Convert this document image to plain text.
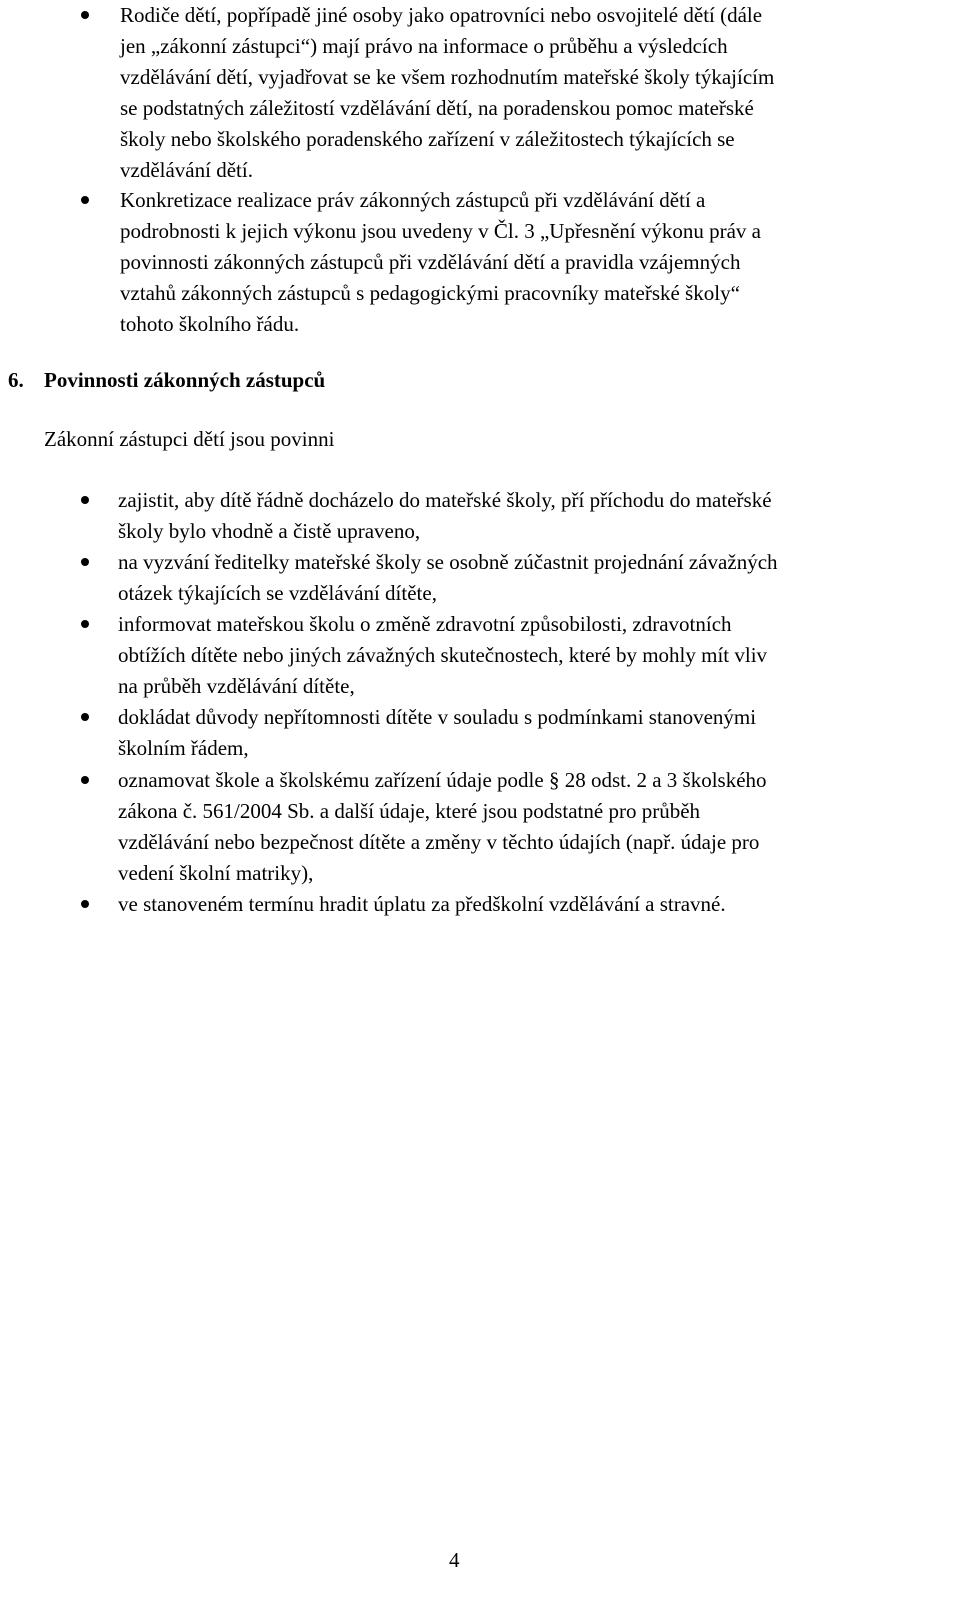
Rodiče dětí, popřípadě jiné osoby jako opatrovníci nebo osvojitelé dětí (dále
jen „zákonní zástupci“) mají právo na informace o průběhu a výsledcích
vzdělávání dětí, vyjadřovat se ke všem rozhodnutím mateřské školy týkajícím
se podstatných záležitostí vzdělávání dětí, na poradenskou pomoc mateřské
školy nebo školského poradenského zařízení v záležitostech týkajících se
vzdělávání dětí.

Konkretizace realizace práv zákonných zástupců při vzdělávání dětí a
podrobnosti k jejich výkonu jsou uvedeny v Čl. 3 „Upřesnění výkonu práv a
povinnosti zákonných zástupců při vzdělávání dětí a pravidla vzájemných
vztahů zákonných zástupců s pedagogickými pracovníky mateřské školy“
tohoto školního řádu.

6. Povinnosti zákonných zástupců

Zákonní zástupci dětí jsou povinni

zajistit, aby dítě řádně docházelo do mateřské školy, pří příchodu do mateřské
školy bylo vhodně a čistě upraveno,

na vyzvání ředitelky mateřské školy se osobně zúčastnit projednání závažných
otázek týkajících se vzdělávání dítěte,

informovat mateřskou školu o změně zdravotní způsobilosti, zdravotních
obtížích dítěte nebo jiných závažných skutečnostech, které by mohly mít vliv
na průběh vzdělávání dítěte,

dokládat důvody nepřítomnosti dítěte v souladu s podmínkami stanovenými
školním řádem,

oznamovat škole a školskému zařízení údaje podle § 28 odst. 2 a 3 školského
zákona č. 561/2004 Sb. a další údaje, které jsou podstatné pro průběh
vzdělávání nebo bezpečnost dítěte a změny v těchto údajích (např. údaje pro
vedení školní matriky),

ve stanoveném termínu hradit úplatu za předškolní vzdělávání a stravné.

4
